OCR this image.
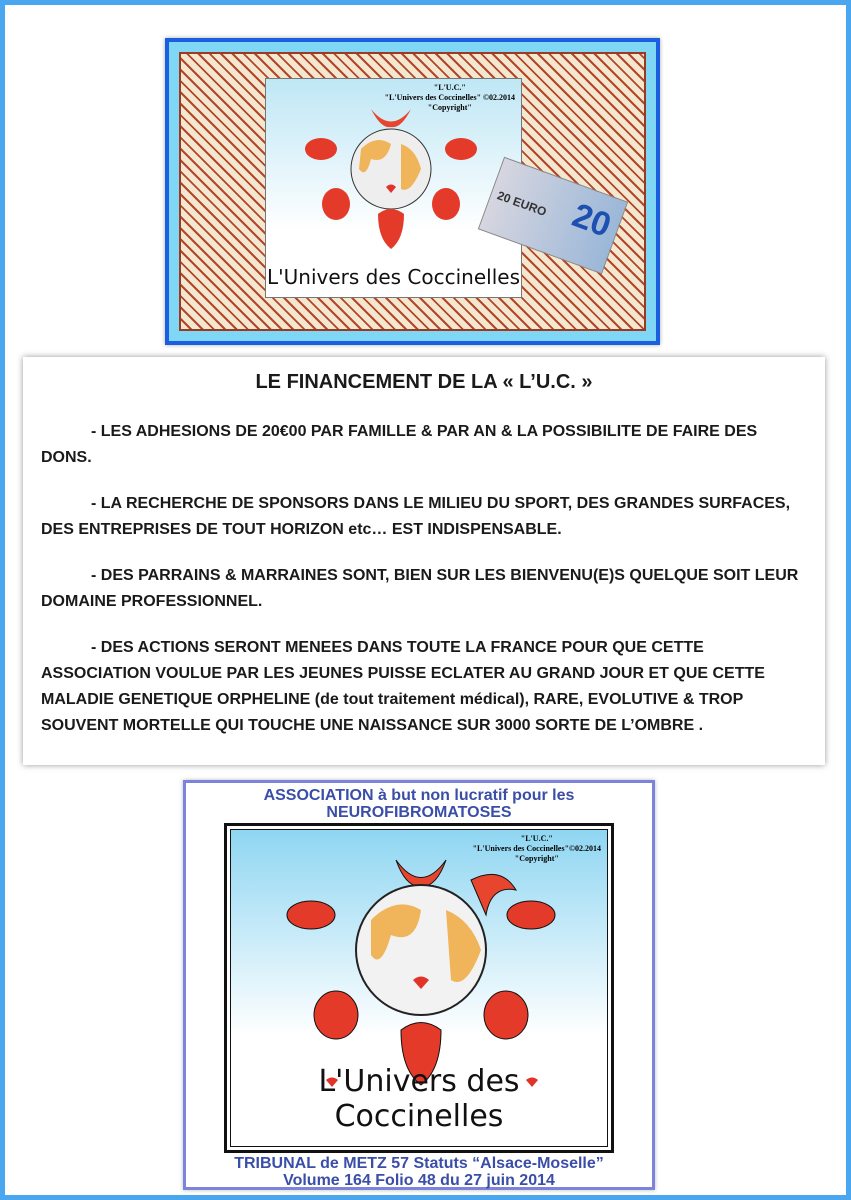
"L'U.C."
"L'Univers des Coccinelles" ©02.2014
"Copyright"
L'Univers des Coccinelles
20 EURO 20
LE FINANCEMENT DE LA « L’U.C. »

- LES ADHESIONS DE 20€00 PAR FAMILLE & PAR AN & LA POSSIBILITE DE FAIRE DES DONS.

- LA RECHERCHE DE SPONSORS DANS LE MILIEU DU SPORT, DES GRANDES SURFACES, DES ENTREPRISES DE TOUT HORIZON etc… EST INDISPENSABLE.

- DES PARRAINS & MARRAINES SONT, BIEN SUR LES BIENVENU(E)S QUELQUE SOIT LEUR DOMAINE PROFESSIONNEL.

- DES ACTIONS SERONT MENEES DANS TOUTE LA FRANCE POUR QUE CETTE ASSOCIATION VOULUE PAR LES JEUNES PUISSE ECLATER AU GRAND JOUR ET QUE CETTE MALADIE GENETIQUE ORPHELINE (de tout traitement médical), RARE, EVOLUTIVE & TROP SOUVENT MORTELLE QUI TOUCHE UNE NAISSANCE SUR 3000 SORTE DE L’OMBRE .

ASSOCIATION à but non lucratif pour les
NEUROFIBROMATOSES
"L'U.C."
"L'Univers des Coccinelles"©02.2014
"Copyright"
L'Univers des Coccinelles
TRIBUNAL de METZ 57 Statuts “Alsace-Moselle”
Volume 164 Folio 48 du 27 juin 2014
